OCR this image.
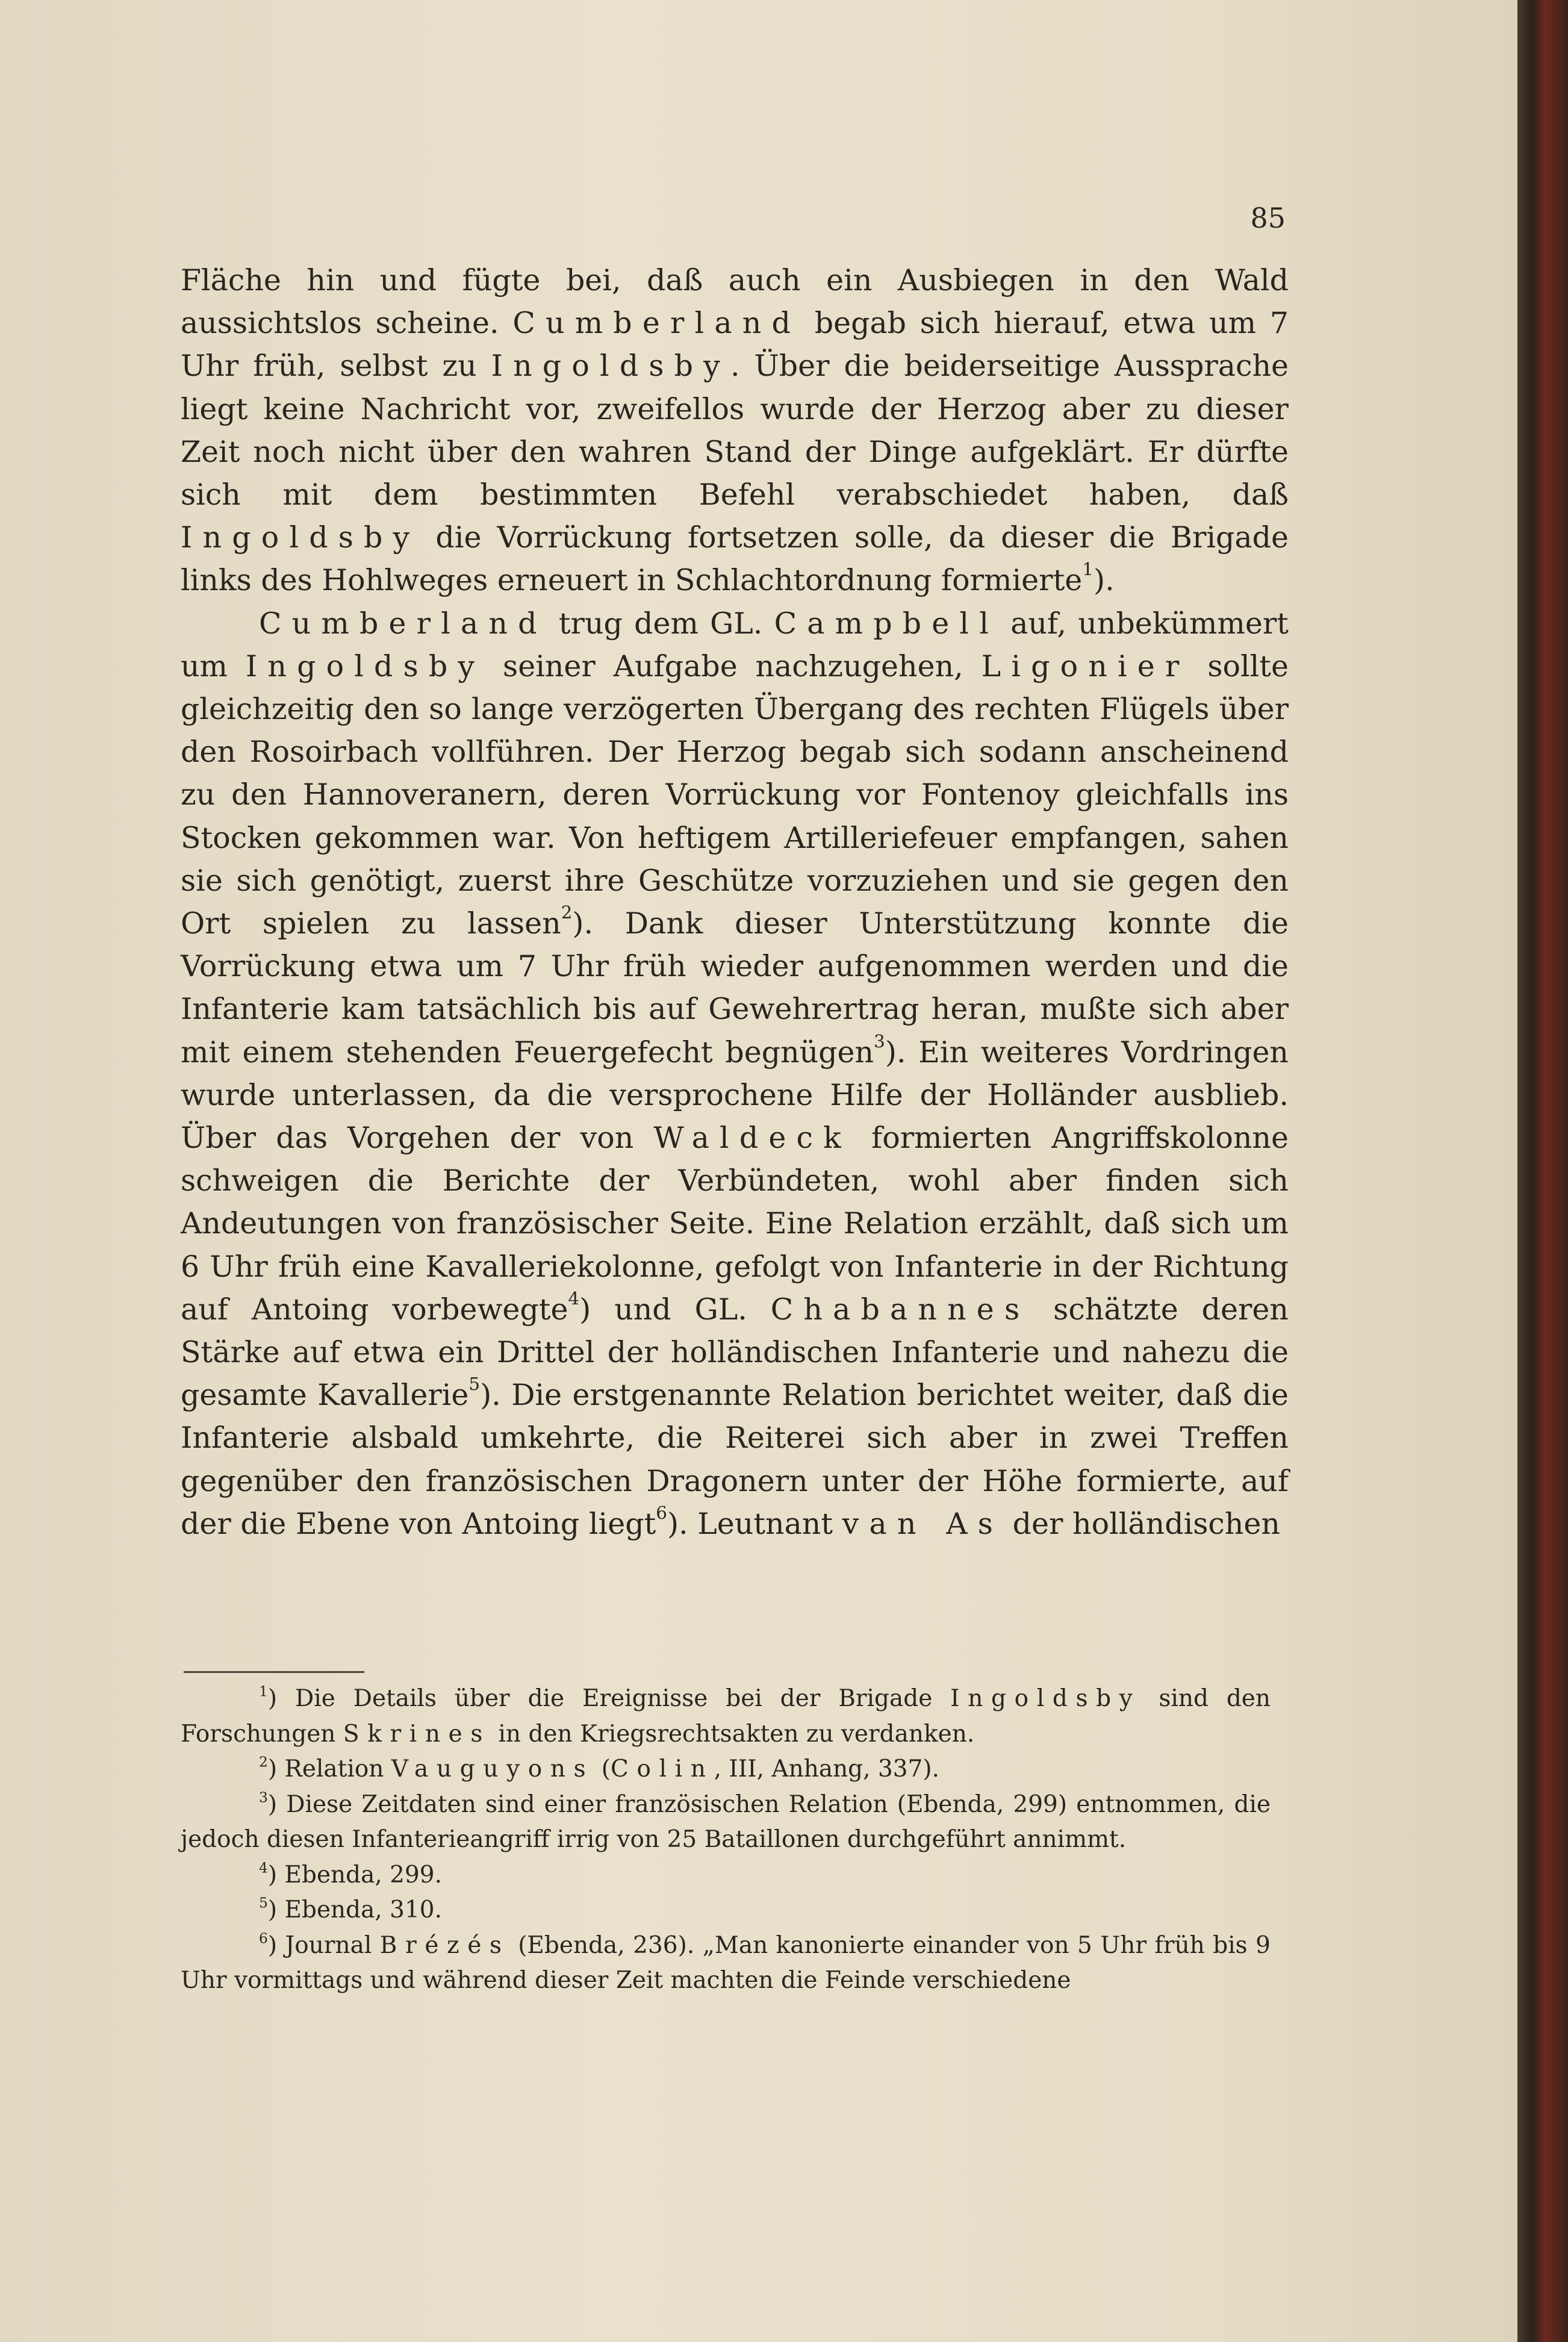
85

Fläche hin und fügte bei, daß auch ein Ausbiegen in den Wald aussichtslos scheine. Cumberland begab sich hierauf, etwa um 7 Uhr früh, selbst zu Ingoldsby. Über die beiderseitige Aussprache liegt keine Nachricht vor, zweifellos wurde der Herzog aber zu dieser Zeit noch nicht über den wahren Stand der Dinge aufgeklärt. Er dürfte sich mit dem bestimmten Befehl verabschiedet haben, daß Ingoldsby die Vorrückung fortsetzen solle, da dieser die Brigade links des Hohlweges erneuert in Schlachtordnung formierte$^1$).

Cumberland trug dem GL. Campbell auf, unbekümmert um Ingoldsby seiner Aufgabe nachzugehen, Ligonier sollte gleichzeitig den so lange verzögerten Übergang des rechten Flügels über den Rosoirbach vollführen. Der Herzog begab sich sodann anscheinend zu den Hannoveranern, deren Vorrückung vor Fontenoy gleichfalls ins Stocken gekommen war. Von heftigem Artilleriefeuer empfangen, sahen sie sich genötigt, zuerst ihre Geschütze vorzuziehen und sie gegen den Ort spielen zu lassen$^2$). Dank dieser Unterstützung konnte die Vorrückung etwa um 7 Uhr früh wieder aufgenommen werden und die Infanterie kam tatsächlich bis auf Gewehrertrag heran, mußte sich aber mit einem stehenden Feuergefecht begnügen$^3$). Ein weiteres Vordringen wurde unterlassen, da die versprochene Hilfe der Holländer ausblieb. Über das Vorgehen der von Waldeck formierten Angriffskolonne schweigen die Berichte der Verbündeten, wohl aber finden sich Andeutungen von französischer Seite. Eine Relation erzählt, daß sich um 6 Uhr früh eine Kavalleriekolonne, gefolgt von Infanterie in der Richtung auf Antoing vorbewegte$^4$) und GL. Chabannes schätzte deren Stärke auf etwa ein Drittel der holländischen Infanterie und nahezu die gesamte Kavallerie$^5$). Die erstgenannte Relation berichtet weiter, daß die Infanterie alsbald umkehrte, die Reiterei sich aber in zwei Treffen gegenüber den französischen Dragonern unter der Höhe formierte, auf der die Ebene von Antoing liegt$^6$). Leutnant van As der holländischen

$^1$) Die Details über die Ereignisse bei der Brigade Ingoldsby sind den Forschungen Skrines in den Kriegsrechtsakten zu verdanken.

$^2$) Relation Vauguyons (Colin, III, Anhang, 337).

$^3$) Diese Zeitdaten sind einer französischen Relation (Ebenda, 299) entnommen, die jedoch diesen Infanterieangriff irrig von 25 Bataillonen durchgeführt annimmt.

$^4$) Ebenda, 299.

$^5$) Ebenda, 310.

$^6$) Journal Brézés (Ebenda, 236). „Man kanonierte einander von 5 Uhr früh bis 9 Uhr vormittags und während dieser Zeit machten die Feinde verschiedene
